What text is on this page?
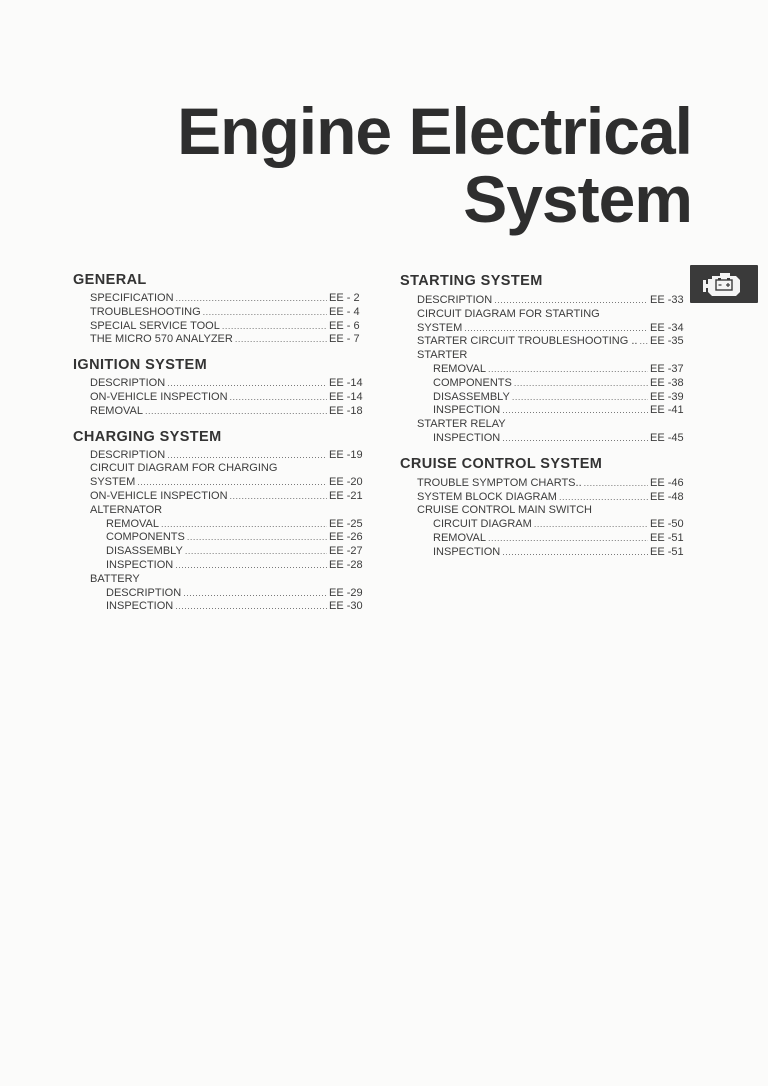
Engine Electrical
System
GENERAL
SPECIFICATION .....	EE - 2
TROUBLESHOOTING .....	EE - 4
SPECIAL SERVICE TOOL .....	EE - 6
THE MICRO 570 ANALYZER .....	EE - 7
IGNITION SYSTEM
DESCRIPTION .....	EE -14
ON-VEHICLE INSPECTION .....	EE -14
REMOVAL .....	EE -18
CHARGING SYSTEM
DESCRIPTION .....	EE -19
CIRCUIT DIAGRAM FOR CHARGING
SYSTEM .....	EE -20
ON-VEHICLE INSPECTION .....	EE -21
ALTERNATOR
REMOVAL .....	EE -25
COMPONENTS .....	EE -26
DISASSEMBLY .....	EE -27
INSPECTION .....	EE -28
BATTERY
DESCRIPTION .....	EE -29
INSPECTION .....	EE -30
STARTING SYSTEM
DESCRIPTION .....	EE -33
CIRCUIT DIAGRAM FOR STARTING
SYSTEM .....	EE -34
STARTER CIRCUIT TROUBLESHOOTING .. ..... EE -35
STARTER
REMOVAL .....	EE -37
COMPONENTS .....	EE -38
DISASSEMBLY .....	EE -39
INSPECTION .....	EE -41
STARTER RELAY
INSPECTION .....	EE -45
CRUISE CONTROL SYSTEM
TROUBLE SYMPTOM CHARTS.. .....	EE -46
SYSTEM BLOCK DIAGRAM .....	EE -48
CRUISE CONTROL MAIN SWITCH
CIRCUIT DIAGRAM .....	EE -50
REMOVAL .....	EE -51
INSPECTION .....	EE -51
